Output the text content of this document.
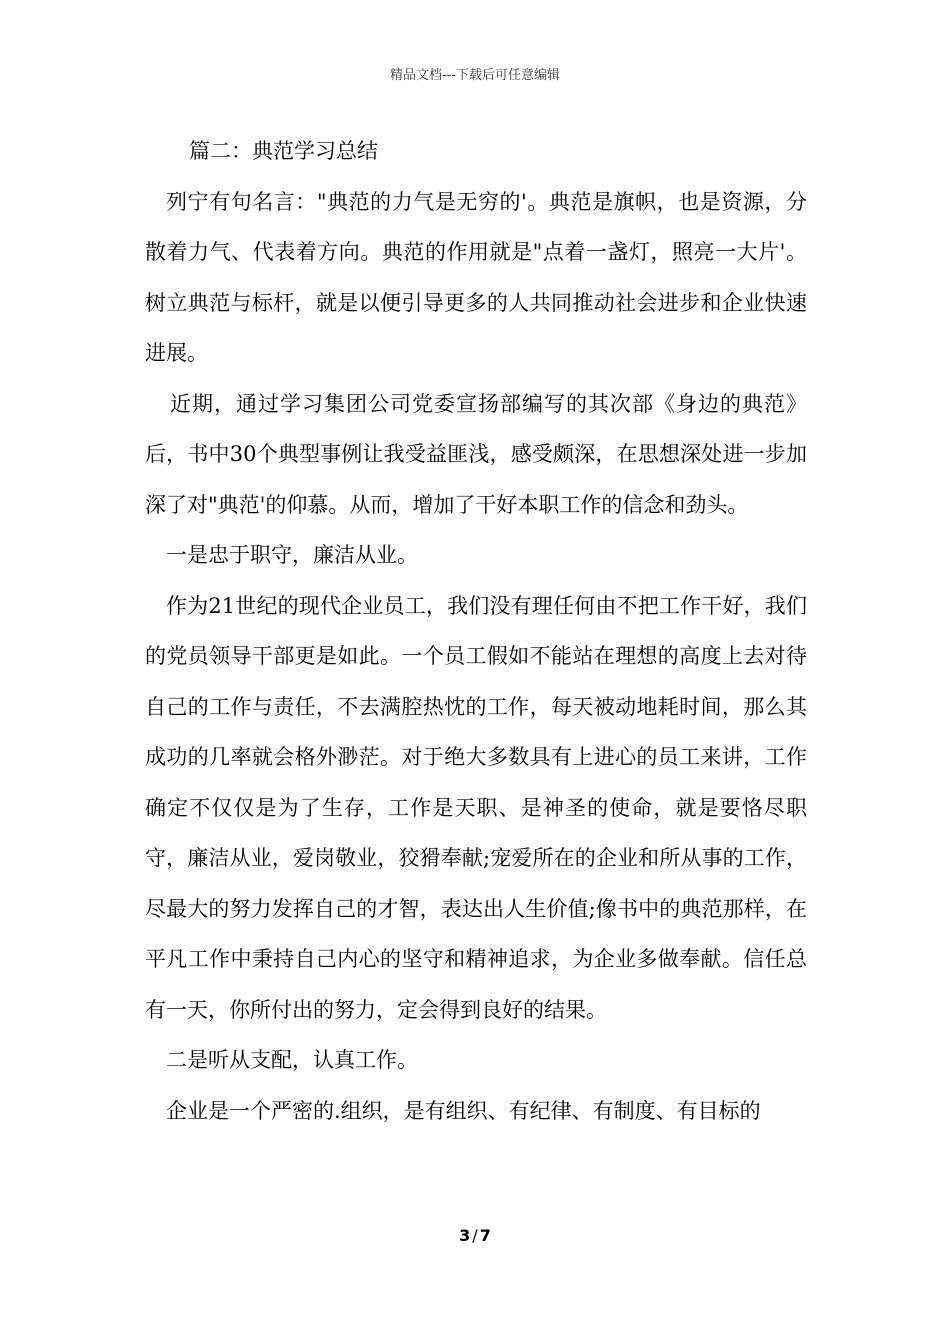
精品文档---下载后可任意编辑

篇二：典范学习总结

列宁有句名言："典范的力气是无穷的'。典范是旗帜，也是资源，分散着力气、代表着方向。典范的作用就是"点着一盏灯，照亮一大片'。树立典范与标杆，就是以便引导更多的人共同推动社会进步和企业快速进展。

近期，通过学习集团公司党委宣扬部编写的其次部《身边的典范》后，书中30个典型事例让我受益匪浅，感受颇深，在思想深处进一步加深了对"典范'的仰慕。从而，增加了干好本职工作的信念和劲头。

一是忠于职守，廉洁从业。

作为21世纪的现代企业员工，我们没有理任何由不把工作干好，我们的党员领导干部更是如此。一个员工假如不能站在理想的高度上去对待自己的工作与责任，不去满腔热忱的工作，每天被动地耗时间，那么其成功的几率就会格外渺茫。对于绝大多数具有上进心的员工来讲，工作确定不仅仅是为了生存，工作是天职、是神圣的使命，就是要恪尽职守，廉洁从业，爱岗敬业，狡猾奉献;宠爱所在的企业和所从事的工作，尽最大的努力发挥自己的才智，表达出人生价值;像书中的典范那样，在平凡工作中秉持自己内心的坚守和精神追求，为企业多做奉献。信任总有一天，你所付出的努力，定会得到良好的结果。

二是听从支配，认真工作。

企业是一个严密的.组织，是有组织、有纪律、有制度、有目标的

3 / 7
